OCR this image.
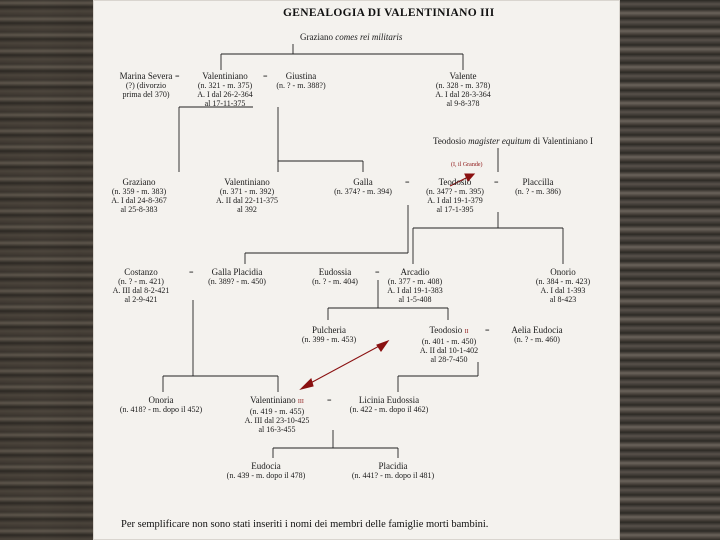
GENEALOGIA DI VALENTINIANO III
Graziano comes rei militaris
Marina Severa
(?) (divorzio
prima del 370)
=	Valentiniano
(n. 321 - m. 375)
A. I dal 26-2-364
al 17-11-375
=	Giustina
(n. ? - m. 388?)
Valente
(n. 328 - m. 378)
A. I dal 28-3-364
al 9-8-378
Teodosio magister equitum di Valentiniano I
Graziano
(n. 359 - m. 383)
A. I dal 24-8-367
al 25-8-383
Valentiniano
(n. 371 - m. 392)
A. II dal 22-11-375
al 392
Galla
(n. 374? - m. 394)
=
(I, il Grande)
Teodosio
(n. 347? - m. 395)
A. I dal 19-1-379
al 17-1-395
=	Placcilla
(n. ? - m. 386)
Costanzo
(n. ? - m. 421)
A. III dal 8-2-421
al 2-9-421
=	Galla Placidia
(n. 389? - m. 450)
Eudossia
(n. ? - m. 404)
=	Arcadio
(n. 377 - m. 408)
A. I dal 19-1-383
al 1-5-408
Onorio
(n. 384 - m. 423)
A. I dal 1-393
al 8-423
Pulcheria
(n. 399 - m. 453)
Teodosio II
(n. 401 - m. 450)
A. II dal 10-1-402
al 28-7-450
=	Aelia Eudocia
(n. ? - m. 460)
Onoria
(n. 418? - m. dopo il 452)
Valentiniano III
(n. 419 - m. 455)
A. III dal 23-10-425
al 16-3-455
=	Licinia Eudossia
(n. 422 - m. dopo il 462)
Eudocia
(n. 439 - m. dopo il 478)
Placidia
(n. 441? - m. dopo il 481)
Per semplificare non sono stati inseriti i nomi dei membri delle famiglie morti bambini.
